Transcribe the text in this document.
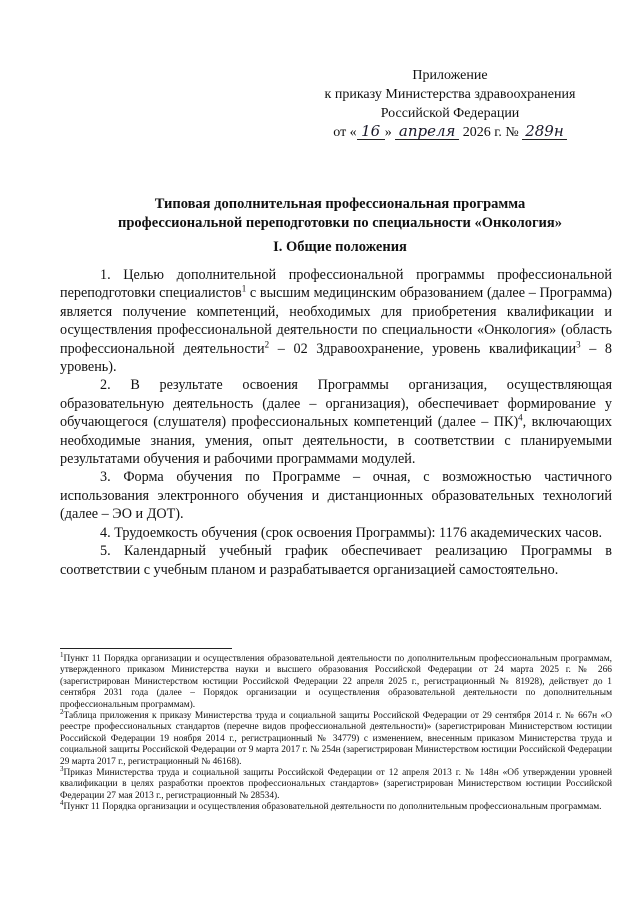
Приложение
к приказу Министерства здравоохранения
Российской Федерации
от « 16 » апреля 2026 г. № 289н
Типовая дополнительная профессиональная программа
профессиональной переподготовки по специальности «Онкология»
I. Общие положения

1. Целью дополнительной профессиональной программы профессиональной переподготовки специалистов$^1$ с высшим медицинским образованием (далее – Программа) является получение компетенций, необходимых для приобретения квалификации и осуществления профессиональной деятельности по специальности «Онкология» (область профессиональной деятельности$^2$ – 02 Здравоохранение, уровень квалификации$^3$ – 8 уровень).

2. В результате освоения Программы организация, осуществляющая образовательную деятельность (далее – организация), обеспечивает формирование у обучающегося (слушателя) профессиональных компетенций (далее – ПК)$^4$, включающих необходимые знания, умения, опыт деятельности, в соответствии с планируемыми результатами обучения и рабочими программами модулей.

3. Форма обучения по Программе – очная, с возможностью частичного использования электронного обучения и дистанционных образовательных технологий (далее – ЭО и ДОТ).

4. Трудоемкость обучения (срок освоения Программы): 1176 академических часов.

5. Календарный учебный график обеспечивает реализацию Программы в соответствии с учебным планом и разрабатывается организацией самостоятельно.

$^1$Пункт 11 Порядка организации и осуществления образовательной деятельности по дополнительным профессиональным программам, утвержденного приказом Министерства науки и высшего образования Российской Федерации от 24 марта 2025 г. № 266 (зарегистрирован Министерством юстиции Российской Федерации 22 апреля 2025 г., регистрационный № 81928), действует до 1 сентября 2031 года (далее – Порядок организации и осуществления образовательной деятельности по дополнительным профессиональным программам).

$^2$Таблица приложения к приказу Министерства труда и социальной защиты Российской Федерации от 29 сентября 2014 г. № 667н «О реестре профессиональных стандартов (перечне видов профессиональной деятельности)» (зарегистрирован Министерством юстиции Российской Федерации 19 ноября 2014 г., регистрационный № 34779) с изменением, внесенным приказом Министерства труда и социальной защиты Российской Федерации от 9 марта 2017 г. № 254н (зарегистрирован Министерством юстиции Российской Федерации 29 марта 2017 г., регистрационный № 46168).

$^3$Приказ Министерства труда и социальной защиты Российской Федерации от 12 апреля 2013 г. № 148н «Об утверждении уровней квалификации в целях разработки проектов профессиональных стандартов» (зарегистрирован Министерством юстиции Российской Федерации 27 мая 2013 г., регистрационный № 28534).

$^4$Пункт 11 Порядка организации и осуществления образовательной деятельности по дополнительным профессиональным программам.
